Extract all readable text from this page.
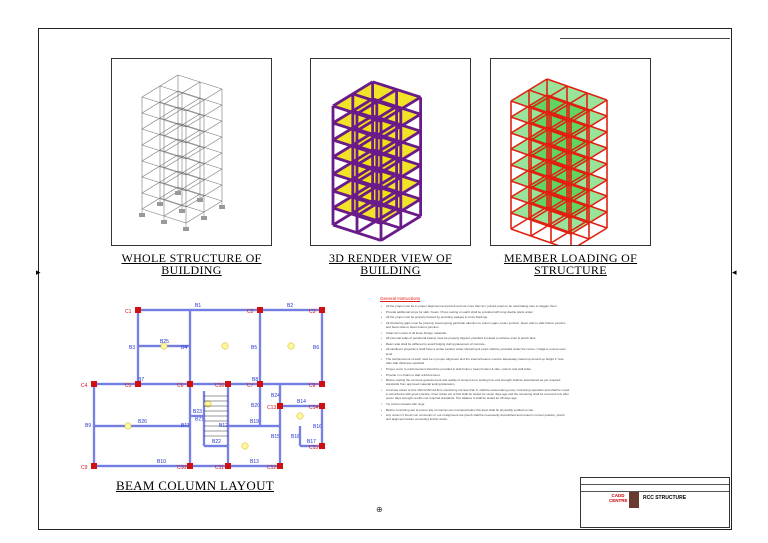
▸	◂
WHOLE STRUCTURE OF BUILDING
3D RENDER VIEW OF BUILDING
MEMBER LOADING OF STRUCTURE
C1	C2	C3
C4	C5	C6	C7	C8
C9	C10	C11	C12
C13	C14
C15
C16
B1	B2
B3	B4	B5	B6
B7	B8
B9
B10
B11	B12
B13
B14
B15
B16
B17
B18
B19
B20
B21
B22
B23
B24
B25
B26
BEAM COLUMN LAYOUT
General Instructions
• All the props must be in proper alignment and plumb and not more than 2m; jointed props to be used taking care to stagger them.
• Provide additional props for slab / beam. Props resting on earth shall be provided with long double plank under.
• All the props must be properly braced by providing wedges & cross bracings.
• All shuttering gaps must be properly closed giving particular attention to column gaps, beam junction, beam side to slab bottom junction and beam side to beam bottom junction.
• Clean form work of all loose foreign materials.
• All external sides of peripheral beams must be properly aligned, plumbed & waxed to achieve even & plumb face.
• Beam side shall be stiffened to avoid bulging during placement of concrete.
• All cantilever projections shall have a suitan cambar under shuttering & props shall be provided under the corner / chajja to ensure even level.
• The reinforcement of each must be in proper alignment and the internal beams must be adequately raised up around up height 1" less than slab thickness specified.
• Proper cover to reinforcement should be provided to slab bottom, beam bottom & side, column and wall sides.
• Provide m.s chairs to slab reinforcement.
• Before casting the concrete grass/cement and quality of cement as to setting time and strength shall be ascertained as per required standards from approved material testing laboratory.
• Concrete cubes of size 15cmx15cmx15cm numbering not less than 6, shall be casted along every concreting operation and shall be cured in accordance with good practice; three cubes out of this shall be tested for seven days age and the remaining shall be removed only after seven days strength results met required standards. The balance 3 shall be tested for 28 days age.
• Tie column dowels with rings.
• Before concreting wet & ensure tidy of columns as concreted below this level shall be physically verified on site.
• Any column if found non concentric or out of alignment are plumb shall be necessarily demolished and recast in correct position, plumb and alignment before concreting further works.
CADD CENTRE	RCC STRUCTURE
⊕
